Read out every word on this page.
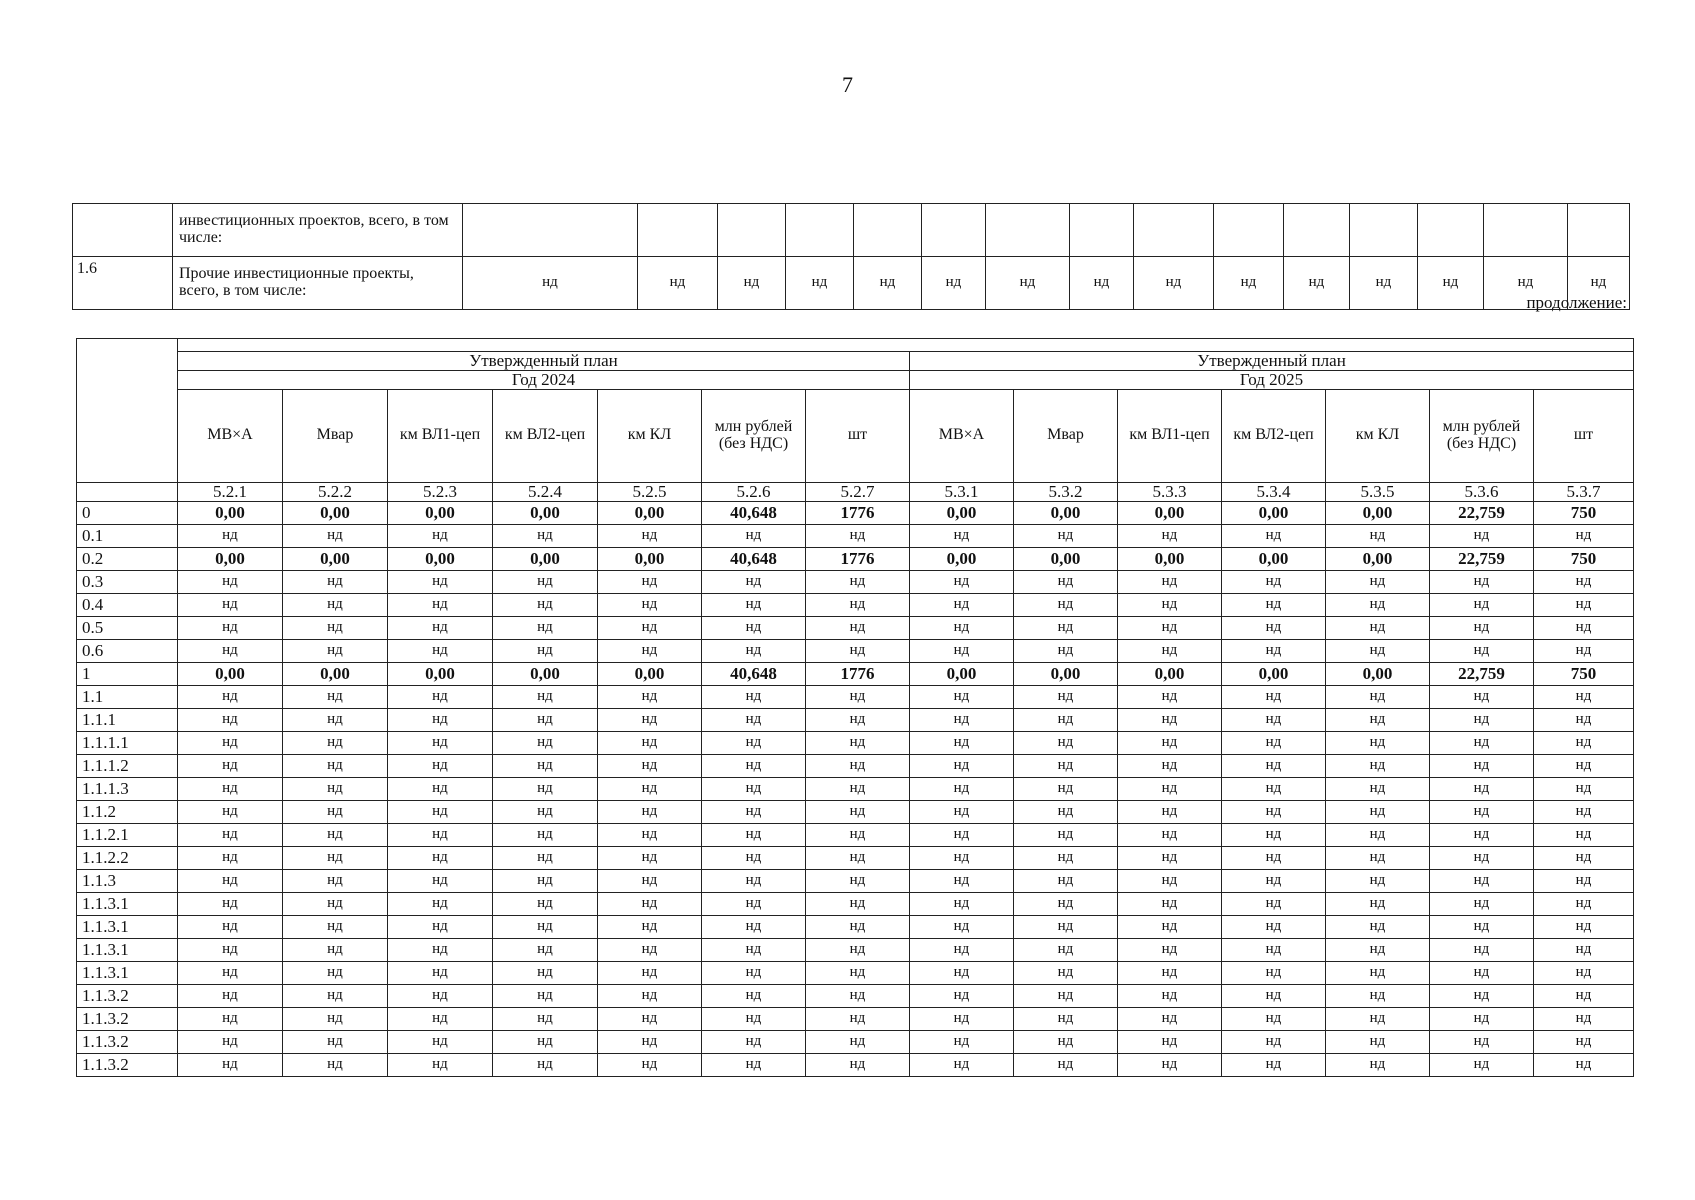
7
	инвестиционных проектов, всего, в том числе:															
1.6	Прочие инвестиционные проекты, всего, в том числе:	нд	нд	нд	нд	нд	нд	нд	нд	нд	нд	нд	нд	нд	нд	нд
продолжение:

	Утвержденный план							Утвержденный план						
	Год 2024							Год 2025						
	МВ×А	Мвар	км ВЛ1-цеп	км ВЛ2-цеп	км КЛ	млн рублей (без НДС)	шт	МВ×А	Мвар	км ВЛ1-цеп	км ВЛ2-цеп	км КЛ	млн рублей (без НДС)	шт
	5.2.1	5.2.2	5.2.3	5.2.4	5.2.5	5.2.6	5.2.7	5.3.1	5.3.2	5.3.3	5.3.4	5.3.5	5.3.6	5.3.7
0	0,00	0,00	0,00	0,00	0,00	40,648	1776	0,00	0,00	0,00	0,00	0,00	22,759	750
0.1	нд	нд	нд	нд	нд	нд	нд	нд	нд	нд	нд	нд	нд	нд
0.2	0,00	0,00	0,00	0,00	0,00	40,648	1776	0,00	0,00	0,00	0,00	0,00	22,759	750
0.3	нд	нд	нд	нд	нд	нд	нд	нд	нд	нд	нд	нд	нд	нд
0.4	нд	нд	нд	нд	нд	нд	нд	нд	нд	нд	нд	нд	нд	нд
0.5	нд	нд	нд	нд	нд	нд	нд	нд	нд	нд	нд	нд	нд	нд
0.6	нд	нд	нд	нд	нд	нд	нд	нд	нд	нд	нд	нд	нд	нд
1	0,00	0,00	0,00	0,00	0,00	40,648	1776	0,00	0,00	0,00	0,00	0,00	22,759	750
1.1	нд	нд	нд	нд	нд	нд	нд	нд	нд	нд	нд	нд	нд	нд
1.1.1	нд	нд	нд	нд	нд	нд	нд	нд	нд	нд	нд	нд	нд	нд
1.1.1.1	нд	нд	нд	нд	нд	нд	нд	нд	нд	нд	нд	нд	нд	нд
1.1.1.2	нд	нд	нд	нд	нд	нд	нд	нд	нд	нд	нд	нд	нд	нд
1.1.1.3	нд	нд	нд	нд	нд	нд	нд	нд	нд	нд	нд	нд	нд	нд
1.1.2	нд	нд	нд	нд	нд	нд	нд	нд	нд	нд	нд	нд	нд	нд
1.1.2.1	нд	нд	нд	нд	нд	нд	нд	нд	нд	нд	нд	нд	нд	нд
1.1.2.2	нд	нд	нд	нд	нд	нд	нд	нд	нд	нд	нд	нд	нд	нд
1.1.3	нд	нд	нд	нд	нд	нд	нд	нд	нд	нд	нд	нд	нд	нд
1.1.3.1	нд	нд	нд	нд	нд	нд	нд	нд	нд	нд	нд	нд	нд	нд
1.1.3.1	нд	нд	нд	нд	нд	нд	нд	нд	нд	нд	нд	нд	нд	нд
1.1.3.1	нд	нд	нд	нд	нд	нд	нд	нд	нд	нд	нд	нд	нд	нд
1.1.3.1	нд	нд	нд	нд	нд	нд	нд	нд	нд	нд	нд	нд	нд	нд
1.1.3.2	нд	нд	нд	нд	нд	нд	нд	нд	нд	нд	нд	нд	нд	нд
1.1.3.2	нд	нд	нд	нд	нд	нд	нд	нд	нд	нд	нд	нд	нд	нд
1.1.3.2	нд	нд	нд	нд	нд	нд	нд	нд	нд	нд	нд	нд	нд	нд
1.1.3.2	нд	нд	нд	нд	нд	нд	нд	нд	нд	нд	нд	нд	нд	нд
